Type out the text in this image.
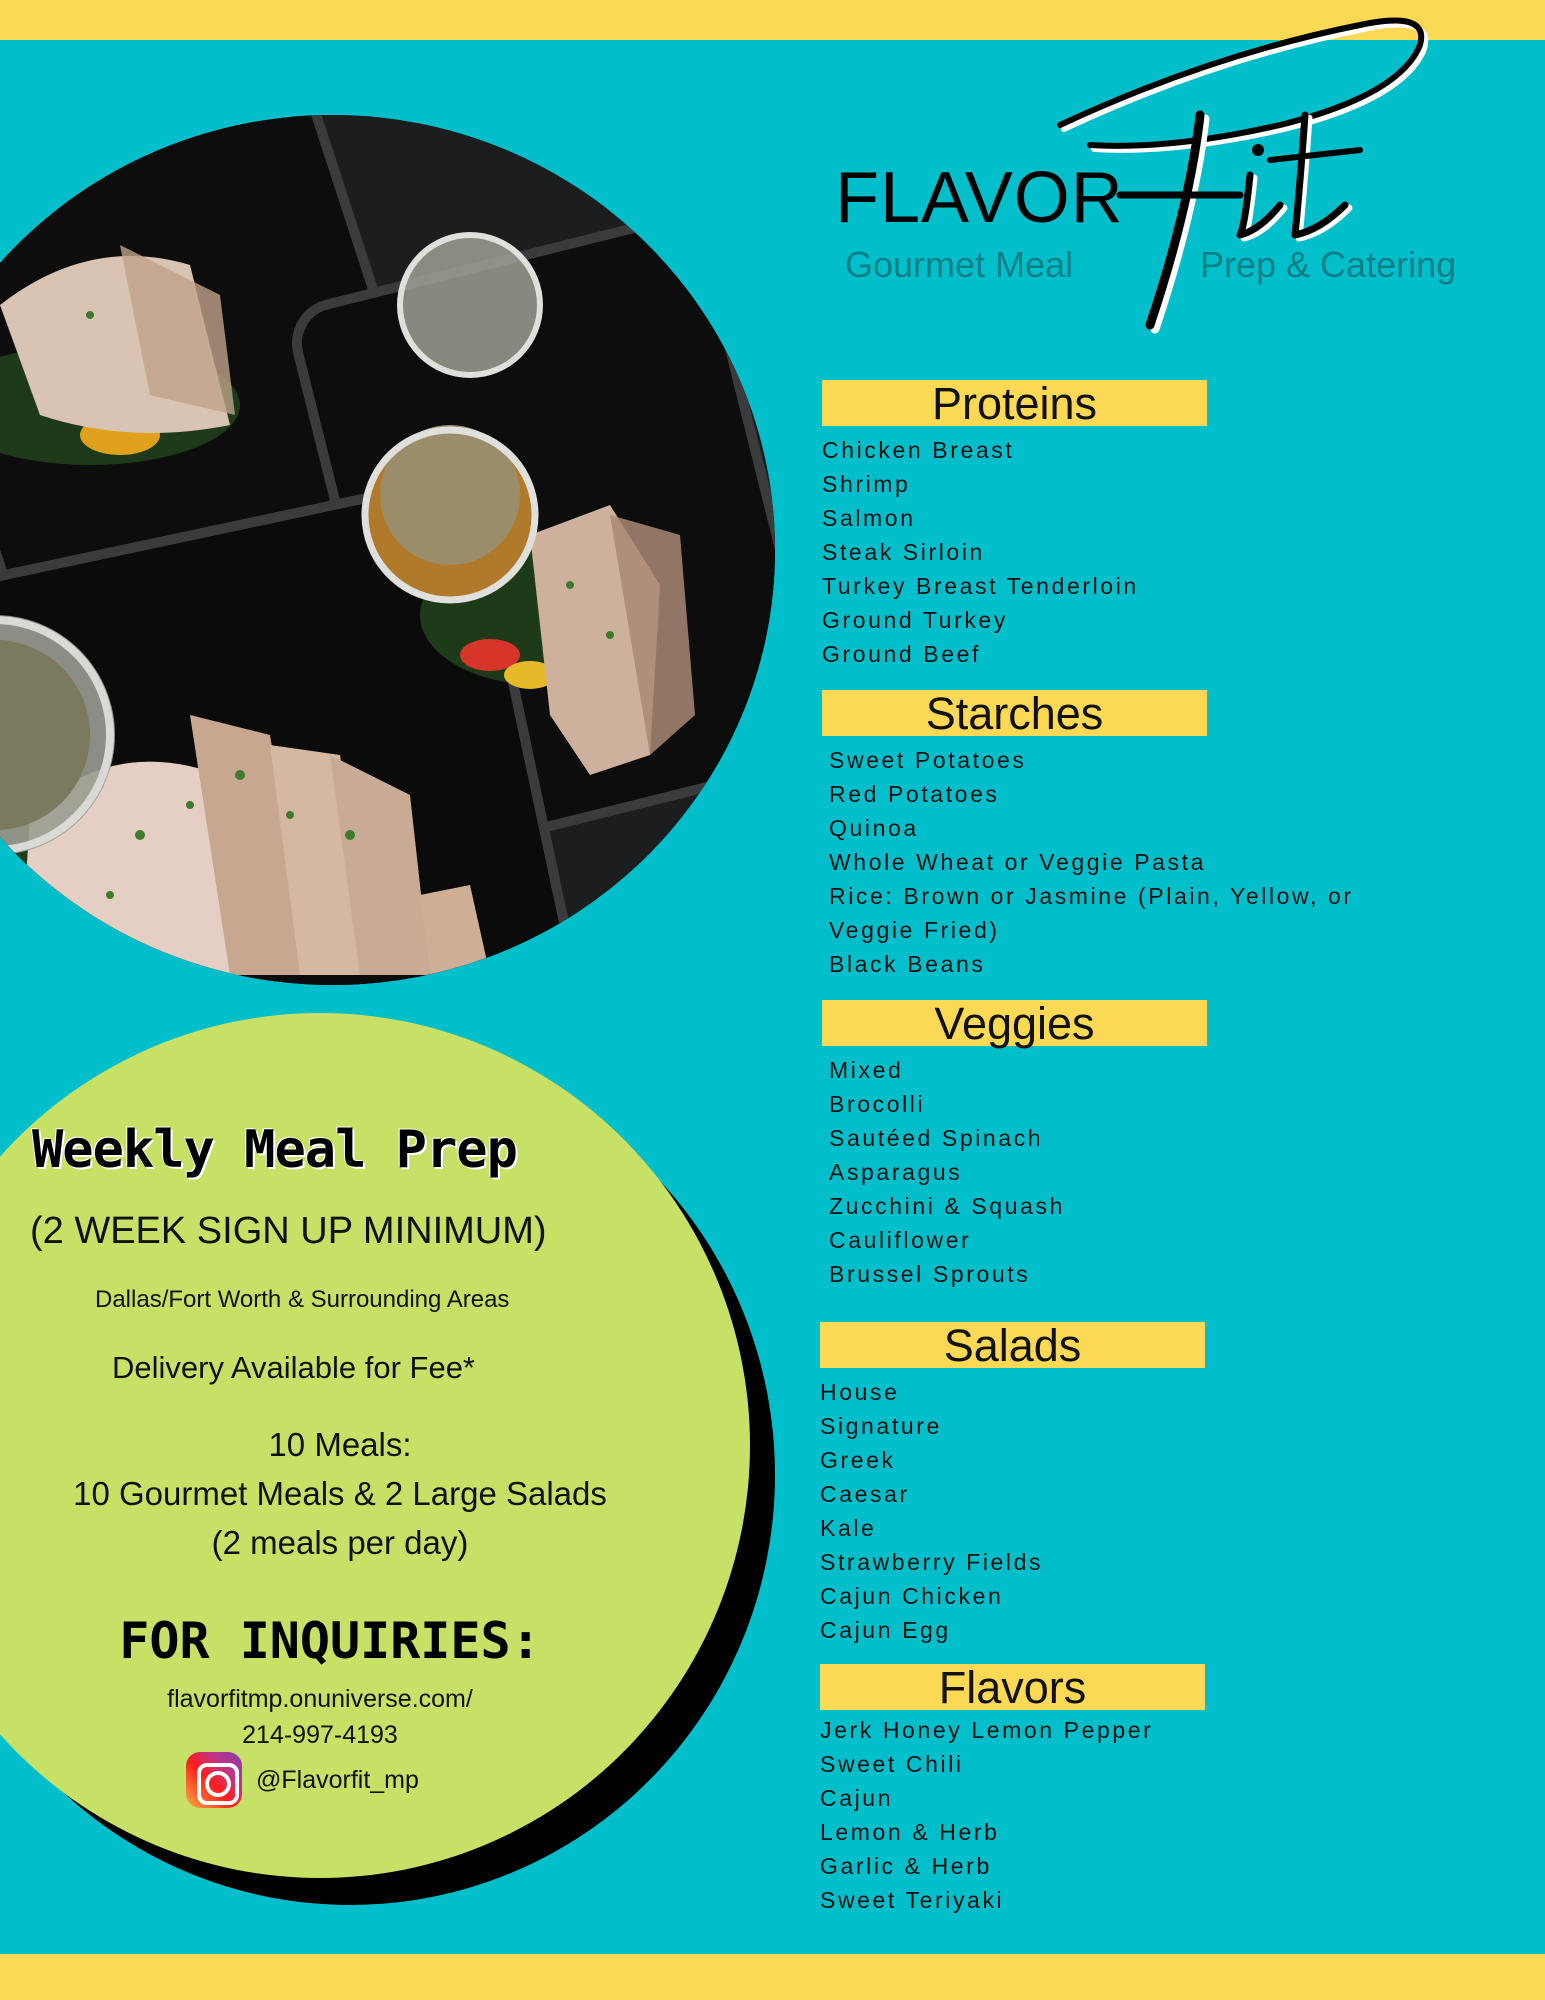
Weekly Meal Prep
(2 WEEK SIGN UP MINIMUM)
Dallas/Fort Worth & Surrounding Areas
Delivery Available for Fee*
10 Meals:
10 Gourmet Meals & 2 Large Salads
(2 meals per day)
FOR INQUIRIES:
flavorfitmp.onuniverse.com/
214-997-4193
@Flavorfit_mp
FLAVOR
Gourmet Meal	Prep & Catering
Proteins
Chicken Breast
Shrimp
Salmon
Steak Sirloin
Turkey Breast Tenderloin
Ground Turkey
Ground Beef
Starches
Sweet Potatoes
Red Potatoes
Quinoa
Whole Wheat or Veggie Pasta
Rice: Brown or Jasmine (Plain, Yellow, or
Veggie Fried)
Black Beans
Veggies
Mixed
Brocolli
Sautéed Spinach
Asparagus
Zucchini & Squash
Cauliflower
Brussel Sprouts
Salads
House
Signature
Greek
Caesar
Kale
Strawberry Fields
Cajun Chicken
Cajun Egg
Flavors
Jerk Honey Lemon Pepper
Sweet Chili
Cajun
Lemon & Herb
Garlic & Herb
Sweet Teriyaki
